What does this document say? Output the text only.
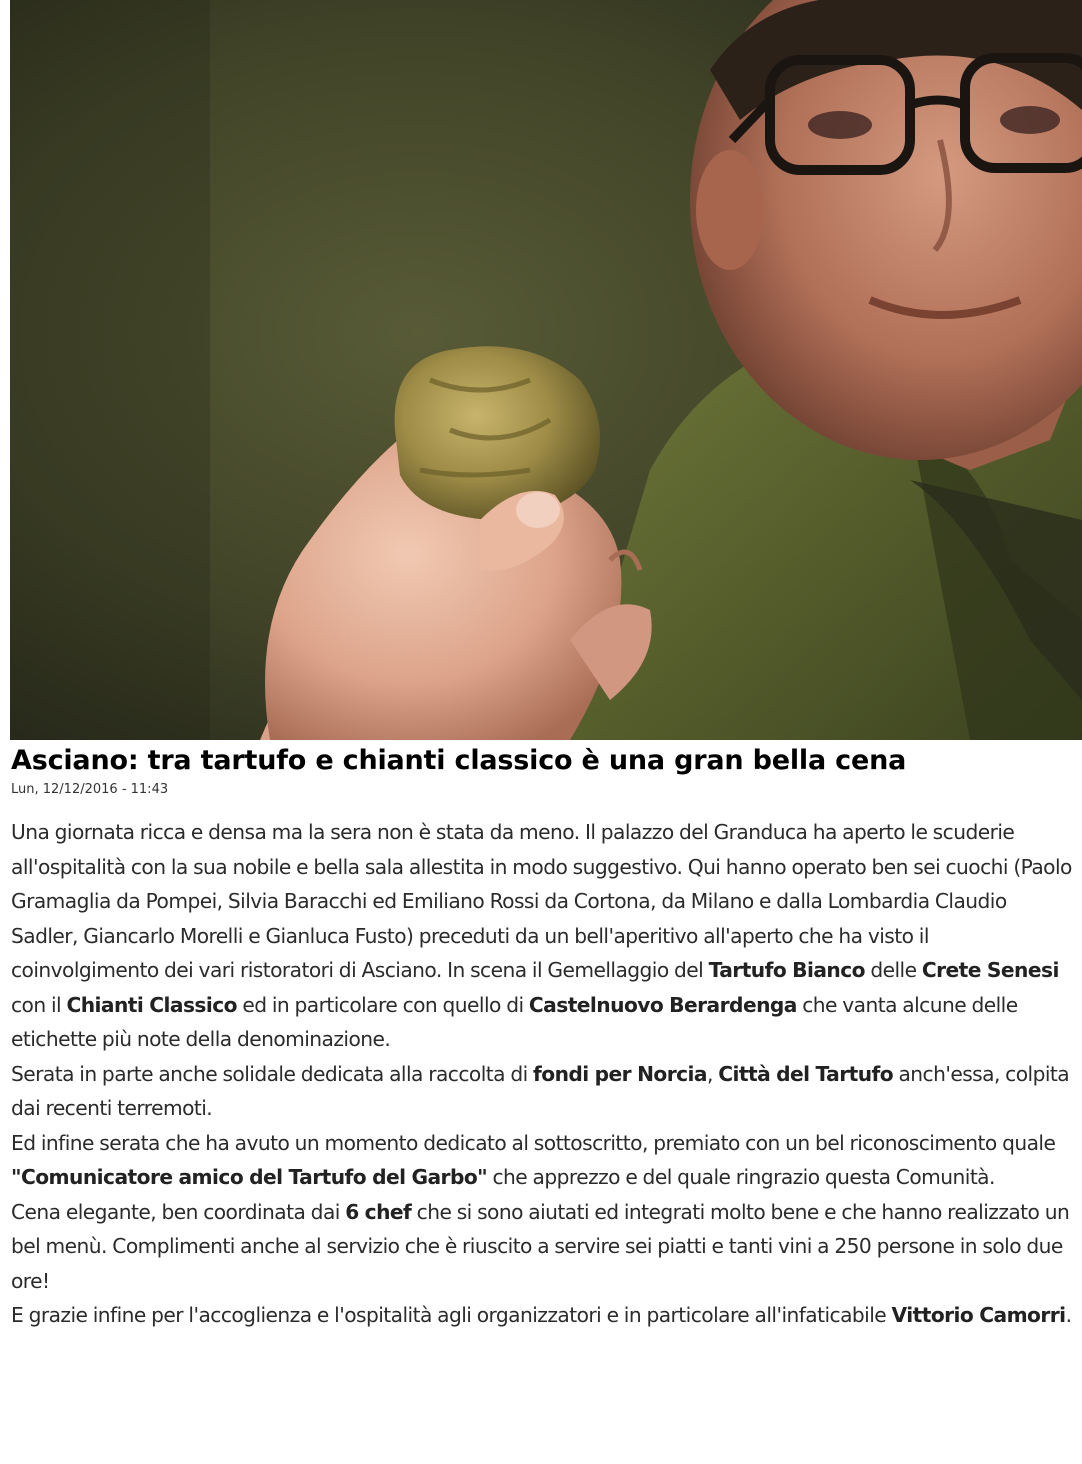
Asciano: tra tartufo e chianti classico è una gran bella cena
Lun, 12/12/2016 - 11:43

Una giornata ricca e densa ma la sera non è stata da meno. Il palazzo del Granduca ha aperto le scuderie all'ospitalità con la sua nobile e bella sala allestita in modo suggestivo. Qui hanno operato ben sei cuochi (Paolo Gramaglia da Pompei, Silvia Baracchi ed Emiliano Rossi da Cortona, da Milano e dalla Lombardia Claudio Sadler, Giancarlo Morelli e Gianluca Fusto) preceduti da un bell'aperitivo all'aperto che ha visto il coinvolgimento dei vari ristoratori di Asciano. In scena il Gemellaggio del Tartufo Bianco delle Crete Senesi con il Chianti Classico ed in particolare con quello di Castelnuovo Berardenga che vanta alcune delle etichette più note della denominazione.

Serata in parte anche solidale dedicata alla raccolta di fondi per Norcia, Città del Tartufo anch'essa, colpita dai recenti terremoti.

Ed infine serata che ha avuto un momento dedicato al sottoscritto, premiato con un bel riconoscimento quale "Comunicatore amico del Tartufo del Garbo" che apprezzo e del quale ringrazio questa Comunità.

Cena elegante, ben coordinata dai 6 chef che si sono aiutati ed integrati molto bene e che hanno realizzato un bel menù. Complimenti anche al servizio che è riuscito a servire sei piatti e tanti vini a 250 persone in solo due ore!

E grazie infine per l'accoglienza e l'ospitalità agli organizzatori e in particolare all'infaticabile Vittorio Camorri.
